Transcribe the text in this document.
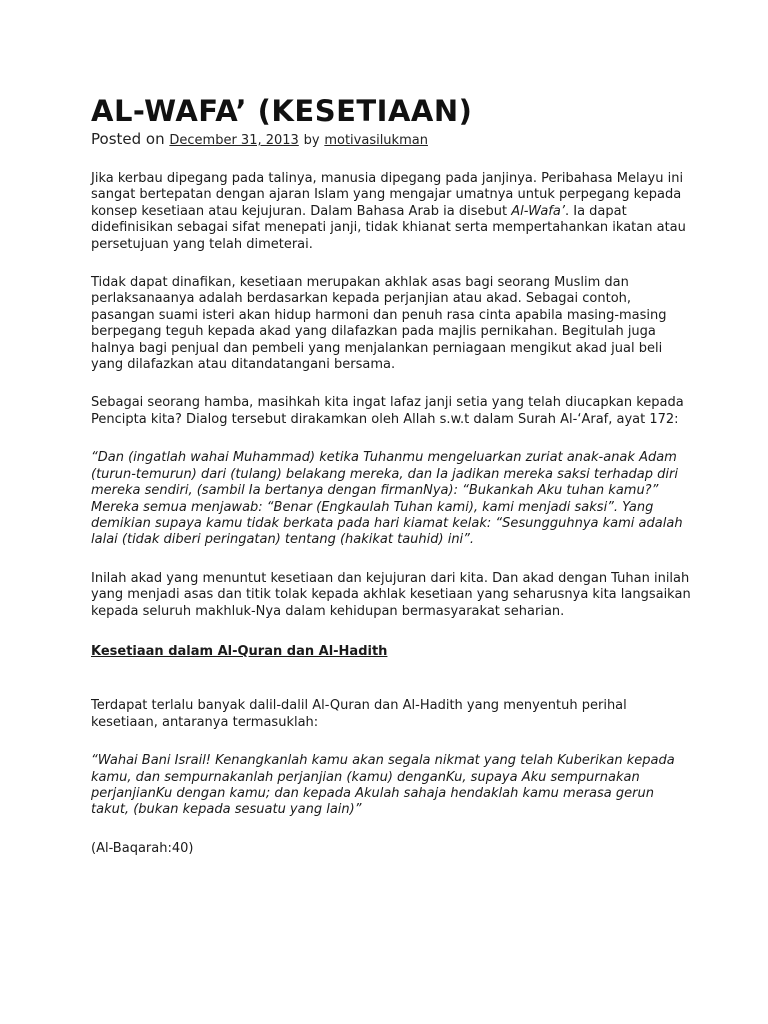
AL-WAFA’ (KESETIAAN)
Posted on December 31, 2013 by motivasilukman

Jika kerbau dipegang pada talinya, manusia dipegang pada janjinya. Peribahasa Melayu ini sangat bertepatan dengan ajaran Islam yang mengajar umatnya untuk perpegang kepada konsep kesetiaan atau kejujuran. Dalam Bahasa Arab ia disebut Al-Wafa’. Ia dapat didefinisikan sebagai sifat menepati janji, tidak khianat serta mempertahankan ikatan atau persetujuan yang telah dimeterai.

Tidak dapat dinafikan, kesetiaan merupakan akhlak asas bagi seorang Muslim dan perlaksanaanya adalah berdasarkan kepada perjanjian atau akad. Sebagai contoh, pasangan suami isteri akan hidup harmoni dan penuh rasa cinta apabila masing-masing berpegang teguh kepada akad yang dilafazkan pada majlis pernikahan. Begitulah juga halnya bagi penjual dan pembeli yang menjalankan perniagaan mengikut akad jual beli yang dilafazkan atau ditandatangani bersama.

Sebagai seorang hamba, masihkah kita ingat lafaz janji setia yang telah diucapkan kepada Pencipta kita? Dialog tersebut dirakamkan oleh Allah s.w.t dalam Surah Al-‘Araf, ayat 172:

“Dan (ingatlah wahai Muhammad) ketika Tuhanmu mengeluarkan zuriat anak-anak Adam (turun-temurun) dari (tulang) belakang mereka, dan Ia jadikan mereka saksi terhadap diri mereka sendiri, (sambil Ia bertanya dengan firmanNya): “Bukankah Aku tuhan kamu?” Mereka semua menjawab: “Benar (Engkaulah Tuhan kami), kami menjadi saksi”. Yang demikian supaya kamu tidak berkata pada hari kiamat kelak: “Sesungguhnya kami adalah lalai (tidak diberi peringatan) tentang (hakikat tauhid) ini”.

Inilah akad yang menuntut kesetiaan dan kejujuran dari kita. Dan akad dengan Tuhan inilah yang menjadi asas dan titik tolak kepada akhlak kesetiaan yang seharusnya kita langsaikan kepada seluruh makhluk-Nya dalam kehidupan bermasyarakat seharian.

Kesetiaan dalam Al-Quran dan Al-Hadith

Terdapat terlalu banyak dalil-dalil Al-Quran dan Al-Hadith yang menyentuh perihal kesetiaan, antaranya termasuklah:

“Wahai Bani Israil! Kenangkanlah kamu akan segala nikmat yang telah Kuberikan kepada kamu, dan sempurnakanlah perjanjian (kamu) denganKu, supaya Aku sempurnakan perjanjianKu dengan kamu; dan kepada Akulah sahaja hendaklah kamu merasa gerun takut, (bukan kepada sesuatu yang lain)”

(Al-Baqarah:40)
